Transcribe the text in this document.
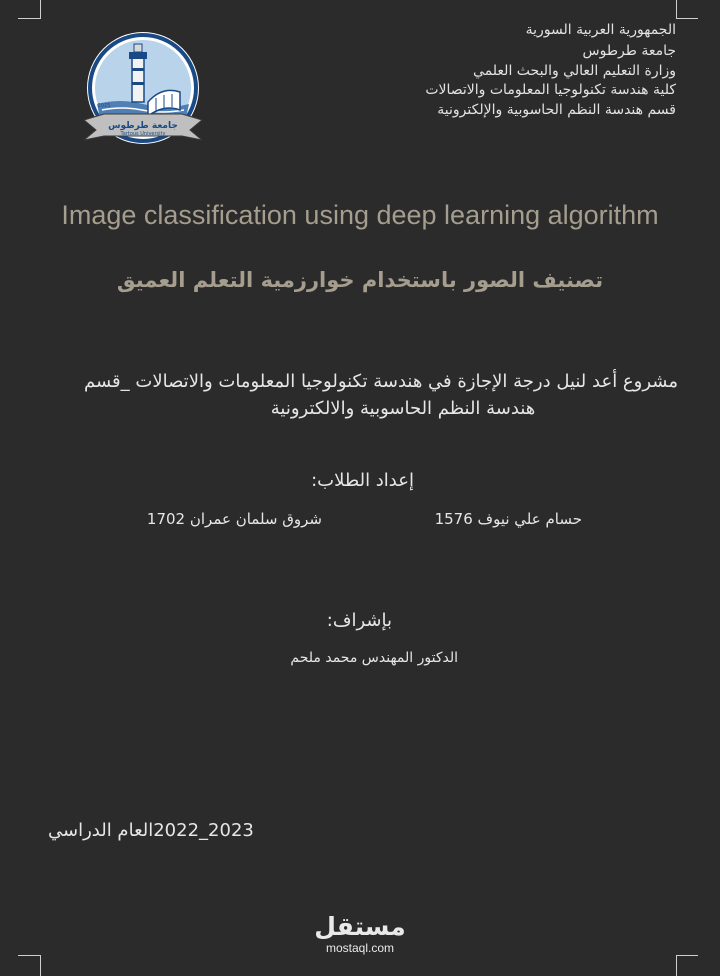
جامعة طرطوس
Tartous University
2015
الجمهورية العربية السورية
جامعة طرطوس
وزارة التعليم العالي والبحث العلمي
كلية هندسة تكنولوجيا المعلومات والاتصالات
قسم هندسة النظم الحاسوبية والإلكترونية
Image classification using deep learning algorithm
تصنيف الصور باستخدام خوارزمية التعلم العميق
مشروع أعد لنيل درجة الإجازة في هندسة تكنولوجيا المعلومات والاتصالات _قسم
هندسة النظم الحاسوبية والالكترونية
إعداد الطلاب:
حسام علي نيوف 1576
شروق سلمان عمران 1702
بإشراف:
الدكتور المهندس محمد ملحم
2023_2022العام الدراسي
مستقل
mostaql.com
